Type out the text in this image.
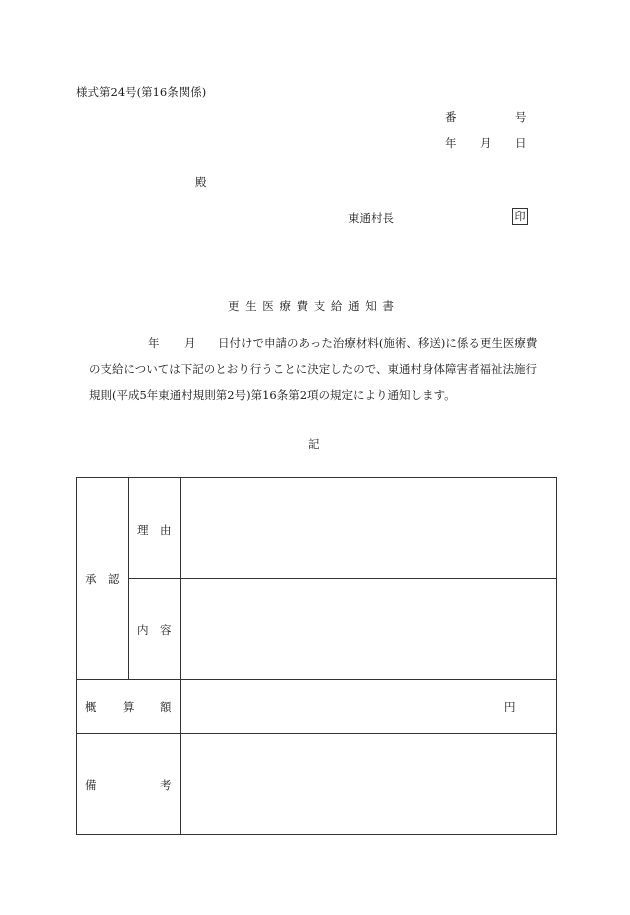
様式第24号(第16条関係)
番	号
年 月 日
殿
東通村長	印
更 生 医 療 費 支 給 通 知 書
年 月 日付けで申請のあった治療材料(施術、移送)に係る更生医療費
の支給については下記のとおり行うことに決定したので、東通村身体障害者福祉法施行
規則(平成5年東通村規則第2号)第16条第2項の規定により通知します。
記
承　認	理　由	

	内　容	

概 算 額		円

備 考		
